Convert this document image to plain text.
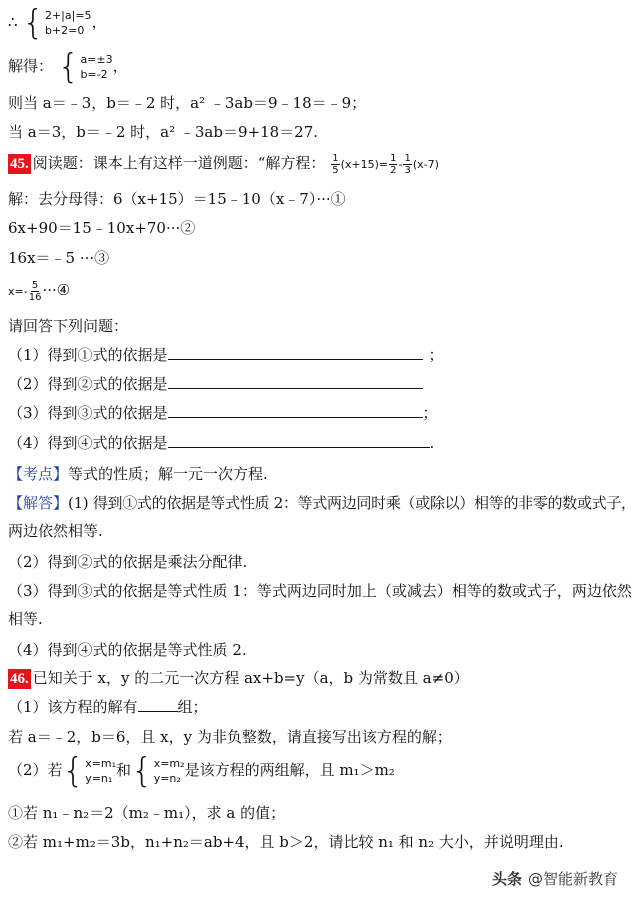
∴ { 2+|a|=5
b+2=0 ，
解得： { a=±3
b=-2 ，
则当 a＝﹣3，b＝﹣2 时，a² ﹣3ab＝9﹣18＝﹣9；
当 a＝3，b＝﹣2 时，a² ﹣3ab＝9+18＝27.
45. 阅读题：课本上有这样一道例题：“解方程： $\frac{1}{5} (x+15)= \frac{1}{2} - \frac{1}{3} (x-7)$
解：去分母得：6（x+15）＝15﹣10（x﹣7）···①
6x+90＝15﹣10x+70···②
16x＝﹣5 ···③
$x=- \frac{5}{16}$ ···④
请回答下列问题：
（1）得到①式的依据是	；
（2）得到②式的依据是
（3）得到③式的依据是	；
（4）得到④式的依据是	.
【考点】等式的性质；解一元一次方程.
【解答】(1) 得到①式的依据是等式性质 2：等式两边同时乘（或除以）相等的非零的数或式子，
两边依然相等.
（2）得到②式的依据是乘法分配律.
（3）得到③式的依据是等式性质 1：等式两边同时加上（或减去）相等的数或式子，两边依然
相等.
（4）得到④式的依据是等式性质 2.
46. 已知关于 x，y 的二元一次方程 ax+b=y（a，b 为常数且 a≠0）
（1）该方程的解有	组；
若 a＝﹣2，b＝6，且 x，y 为非负整数，请直接写出该方程的解；
（2）若 { x=m₁
y=n₁ 和 { x=m₂
y=n₂ 是该方程的两组解，且 m₁＞m₂
①若 n₁﹣n₂＝2（m₂﹣m₁），求 a 的值；
②若 m₁+m₂＝3b，n₁+n₂＝ab+4，且 b＞2，请比较 n₁ 和 n₂ 大小，并说明理由.
头条 @智能新教育
